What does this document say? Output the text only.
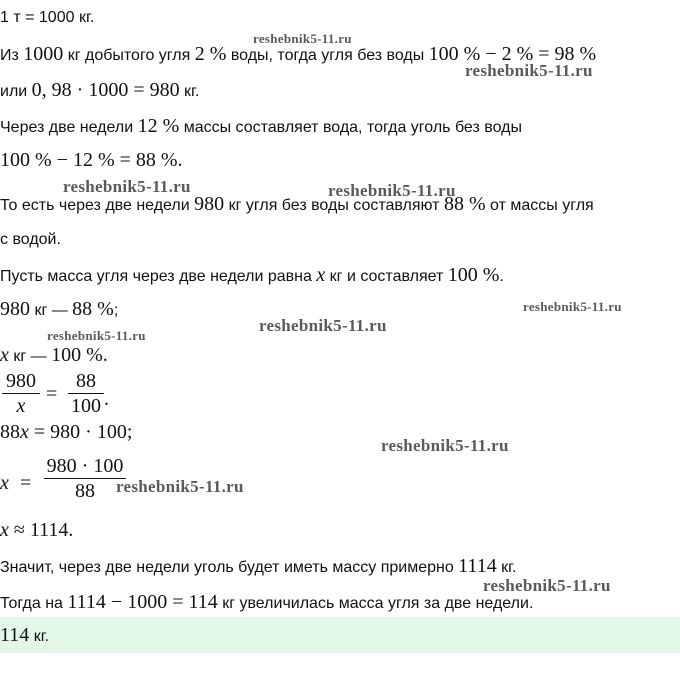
1 т = 1000 кг.
Из 1000 кг добытого угля 2 % воды, тогда угля без воды 100 % − 2 % = 98 %
или 0, 98 · 1000 = 980 кг.
Через две недели 12 % массы составляет вода, тогда уголь без воды
100 % − 12 % = 88 %.
То есть через две недели 980 кг угля без воды составляют 88 % от массы угля
с водой.
Пусть масса угля через две недели равна x кг и составляет 100 %.
980 кг — 88 %;
x кг — 100 %.
980
x
=
88
100 .
88x = 980 · 100;
x =
980 · 100
88
x ≈ 1114.
Значит, через две недели уголь будет иметь массу примерно 1114 кг.
Тогда на 1114 − 1000 = 114 кг увеличилась масса угля за две недели.
114 кг.
reshebnik5-11.ru
reshebnik5-11.ru
reshebnik5-11.ru	reshebnik5-11.ru
reshebnik5-11.ru
reshebnik5-11.ru
reshebnik5-11.ru
reshebnik5-11.ru
reshebnik5-11.ru
reshebnik5-11.ru
